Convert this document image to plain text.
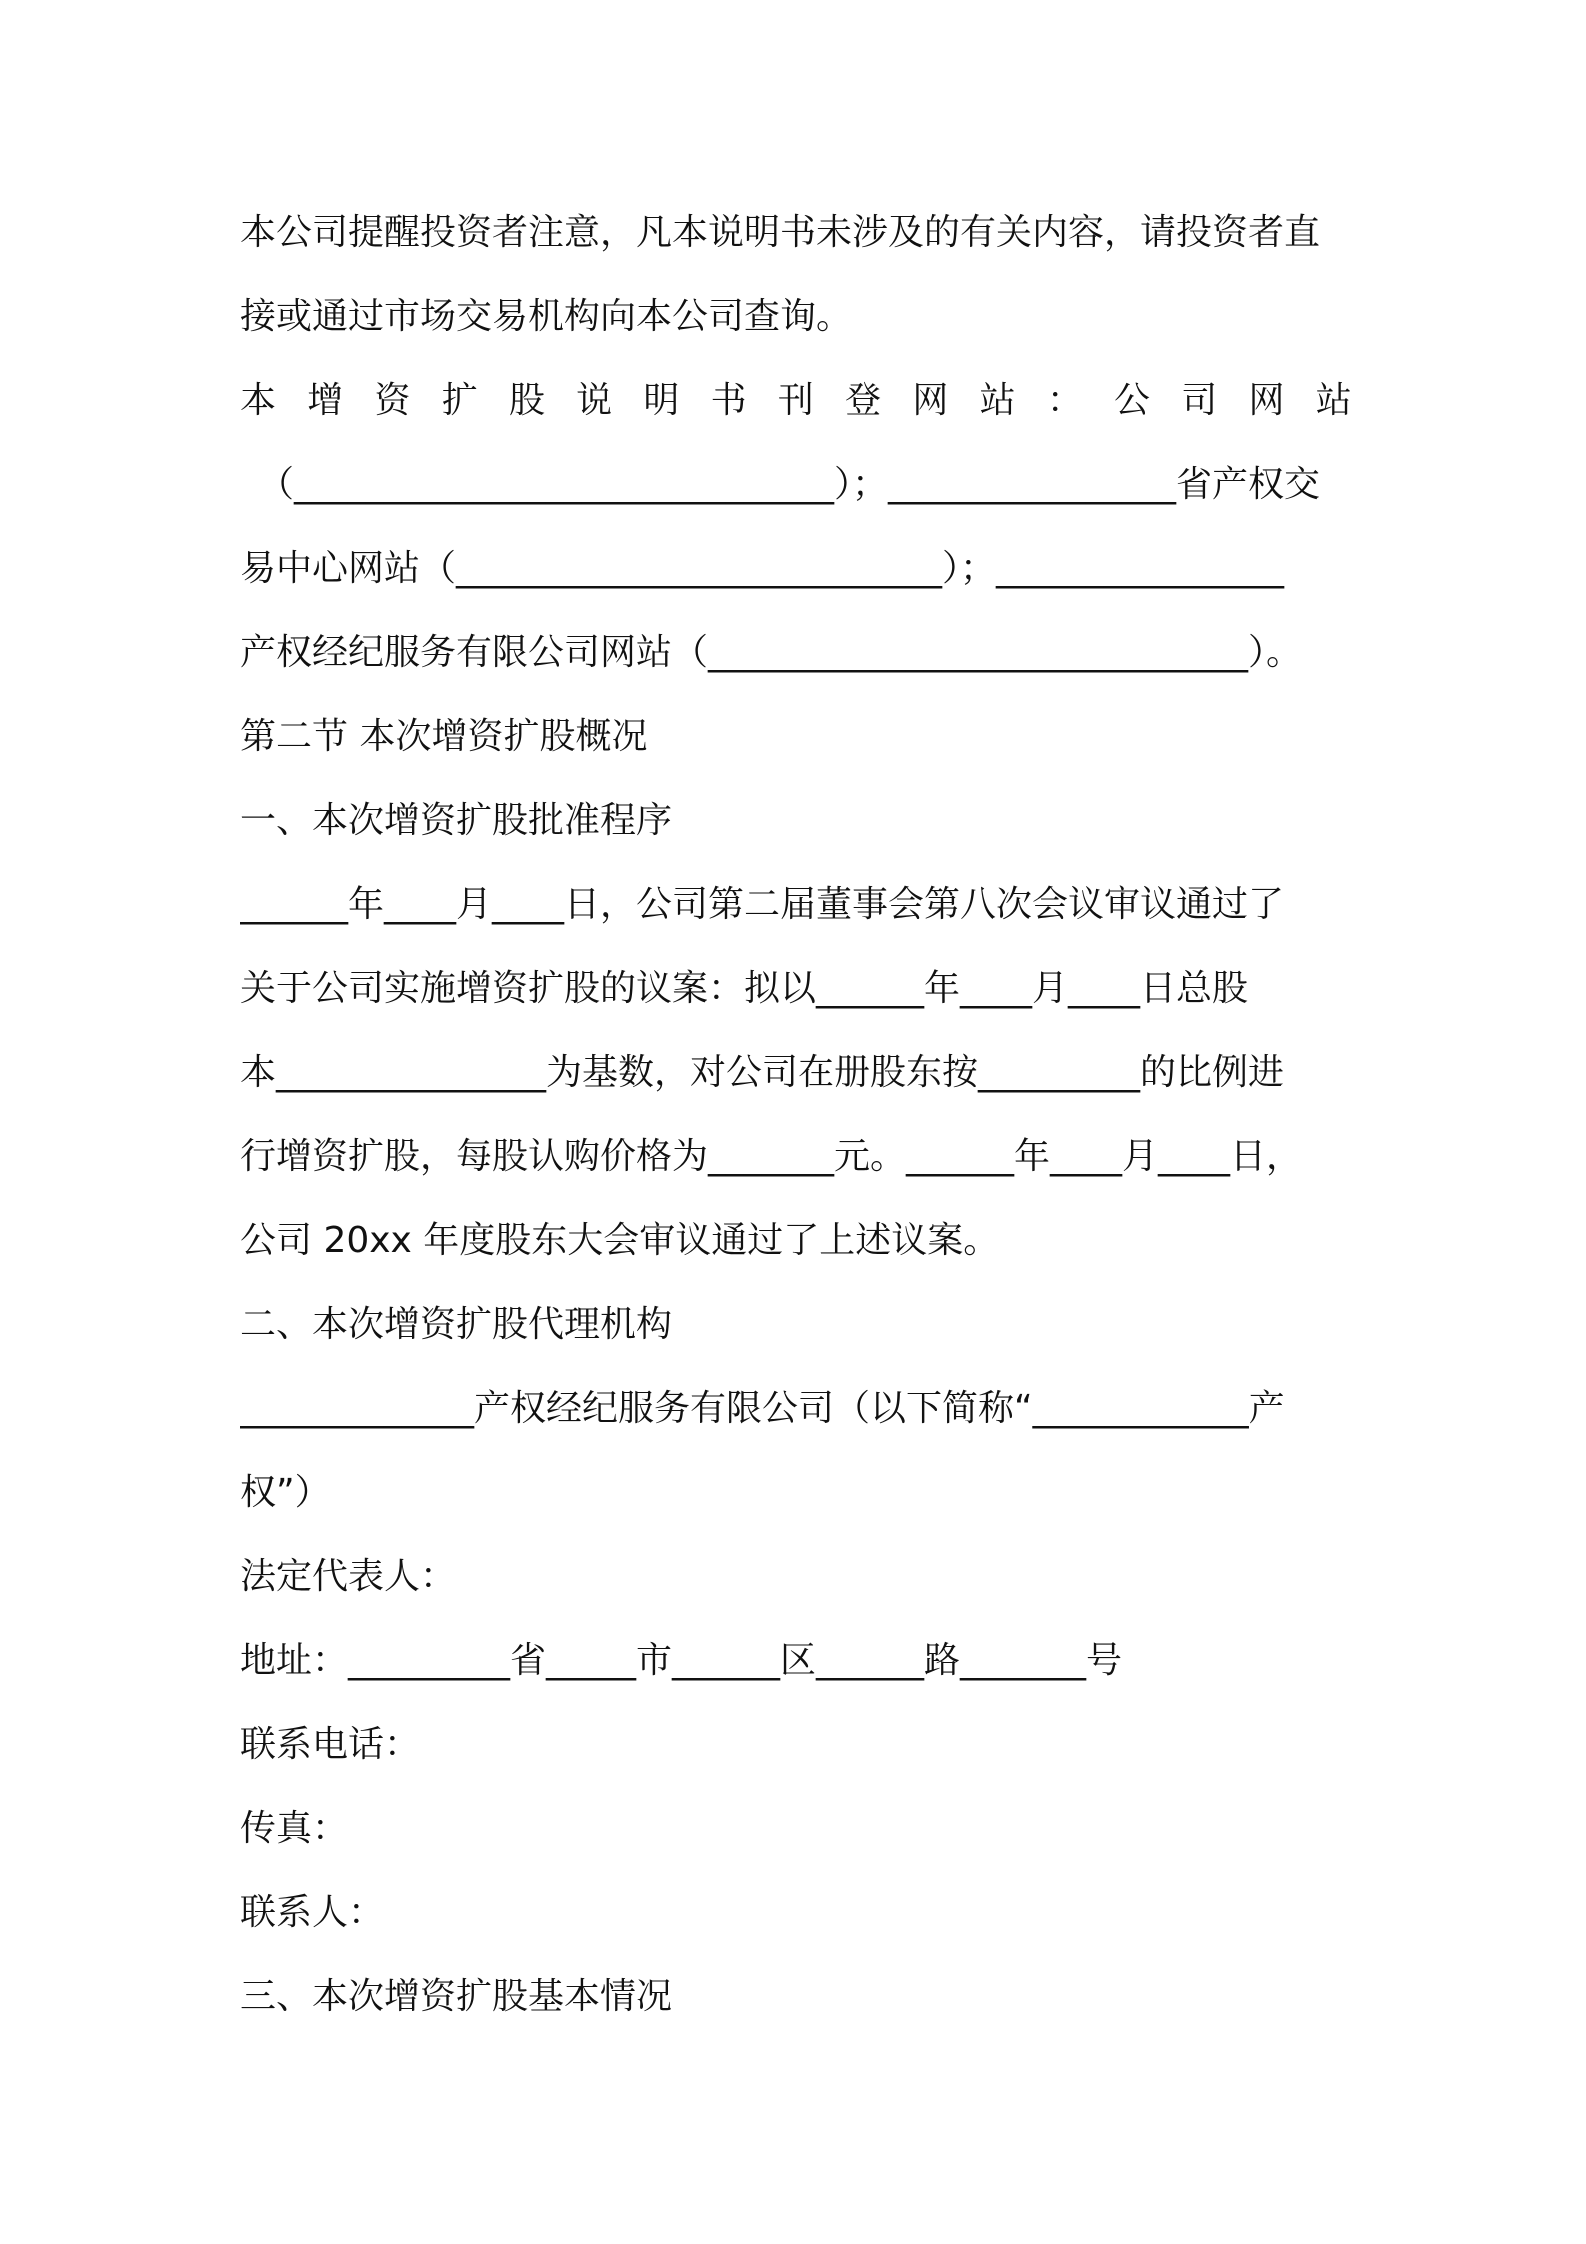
本公司提醒投资者注意，凡本说明书未涉及的有关内容，请投资者直
接或通过市场交易机构向本公司查询。
本 增 资 扩 股 说 明 书 刊 登 网 站 ： 公 司 网 站
（______________________________）；________________省产权交
易中心网站（___________________________）；________________
产权经纪服务有限公司网站（______________________________）。
第二节 本次增资扩股概况
一、本次增资扩股批准程序
______年____月____日，公司第二届董事会第八次会议审议通过了
关于公司实施增资扩股的议案：拟以______年____月____日总股
本_______________为基数，对公司在册股东按_________的比例进
行增资扩股，每股认购价格为_______元。______年____月____日，
公司 20xx 年度股东大会审议通过了上述议案。
二、本次增资扩股代理机构
_____________产权经纪服务有限公司（以下简称“____________产
权”）
法定代表人：
地址：_________省_____市______区______路_______号
联系电话：
传真：
联系人：
三、本次增资扩股基本情况
